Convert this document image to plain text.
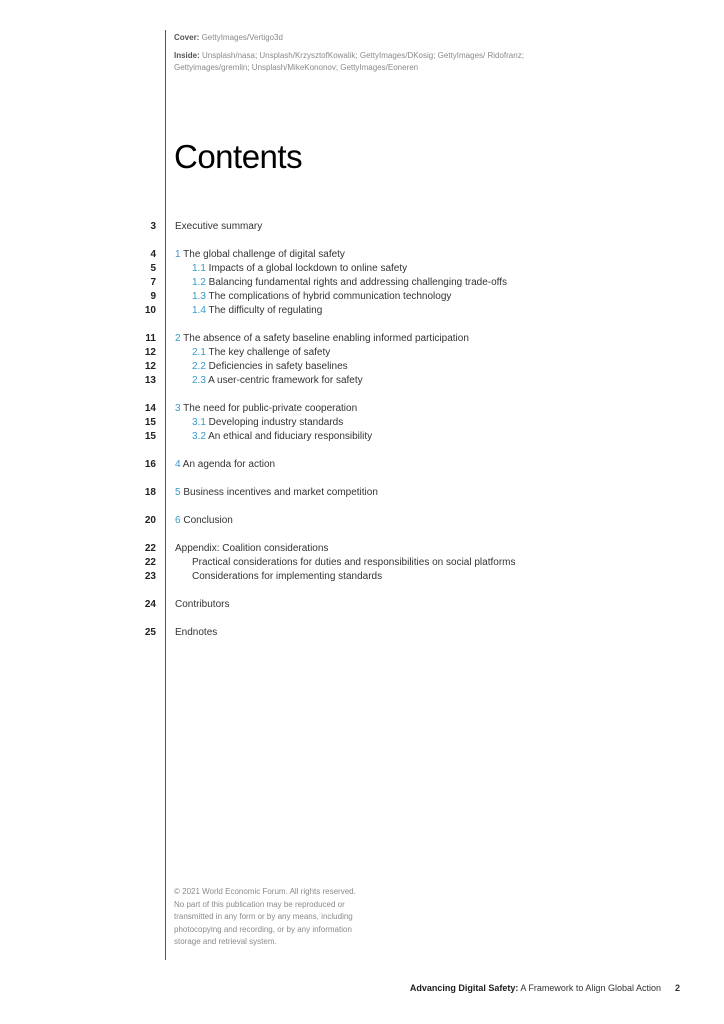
Cover: GettyImages/Vertigo3d

Inside: Unsplash/nasa; Unsplash/KrzysztofKowalik; GettyImages/DKosig; GettyImages/ Ridofranz; Gettyimages/gremlin; Unsplash/MikeKononov; GettyImages/Eoneren

Contents
3 Executive summary
4 1 The global challenge of digital safety
5	1.1 Impacts of a global lockdown to online safety
7	1.2 Balancing fundamental rights and addressing challenging trade-offs
9	1.3 The complications of hybrid communication technology
10	1.4 The difficulty of regulating
11 2 The absence of a safety baseline enabling informed participation
12	2.1 The key challenge of safety
12	2.2 Deficiencies in safety baselines
13	2.3 A user-centric framework for safety
14 3 The need for public-private cooperation
15	3.1 Developing industry standards
15	3.2 An ethical and fiduciary responsibility
16 4 An agenda for action
18 5 Business incentives and market competition
20 6 Conclusion
22 Appendix: Coalition considerations
22	Practical considerations for duties and responsibilities on social platforms
23	Considerations for implementing standards
24 Contributors
25 Endnotes
© 2021 World Economic Forum. All rights reserved. No part of this publication may be reproduced or transmitted in any form or by any means, including photocopying and recording, or by any information storage and retrieval system.
Advancing Digital Safety: A Framework to Align Global Action 2
